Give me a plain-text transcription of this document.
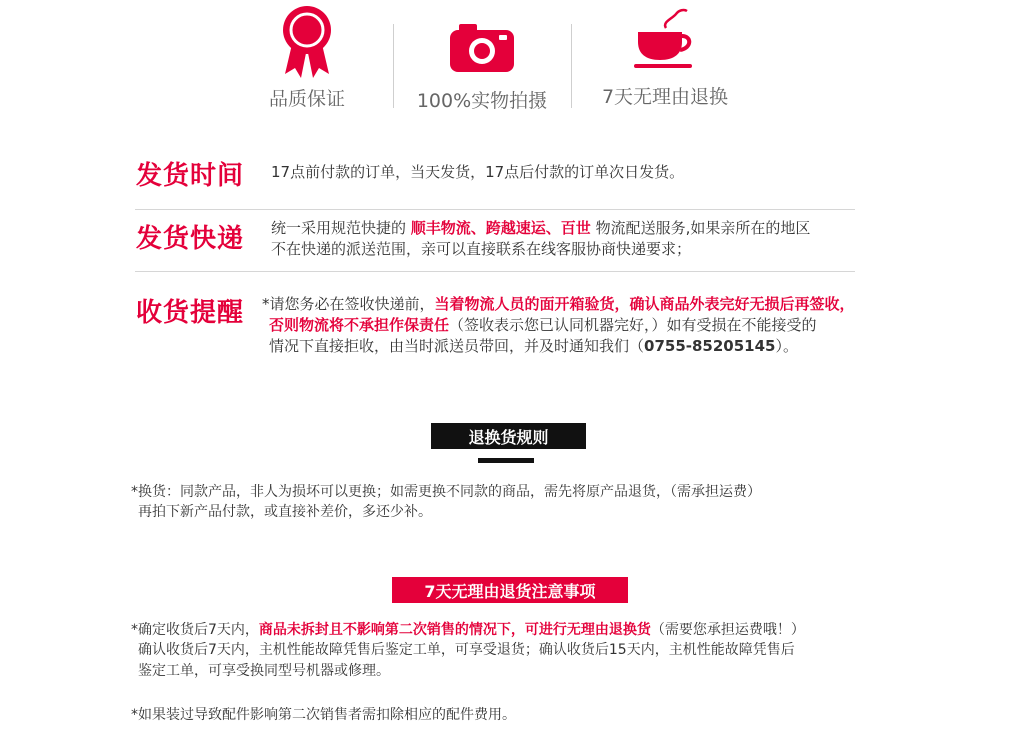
品质保证	100%实物拍摄	7天无理由退换
发货时间 17点前付款的订单，当天发货，17点后付款的订单次日发货。
发货快递 统一采用规范快捷的 顺丰物流、跨越速运、百世 物流配送服务,如果亲所在的地区
不在快递的派送范围，亲可以直接联系在线客服协商快递要求；
收货提醒 *请您务必在签收快递前，当着物流人员的面开箱验货，确认商品外表完好无损后再签收，
否则物流将不承担作保责任（签收表示您已认同机器完好，）如有受损在不能接受的
情况下直接拒收，由当时派送员带回，并及时通知我们（0755-85205145）。
退换货规则
*换货：同款产品，非人为损坏可以更换；如需更换不同款的商品，需先将原产品退货，（需承担运费）
再拍下新产品付款，或直接补差价，多还少补。
7天无理由退货注意事项
*确定收货后7天内，商品未拆封且不影响第二次销售的情况下，可进行无理由退换货（需要您承担运费哦！）
确认收货后7天内，主机性能故障凭售后鉴定工单，可享受退货；确认收货后15天内，主机性能故障凭售后
鉴定工单，可享受换同型号机器或修理。
*如果装过导致配件影响第二次销售者需扣除相应的配件费用。
